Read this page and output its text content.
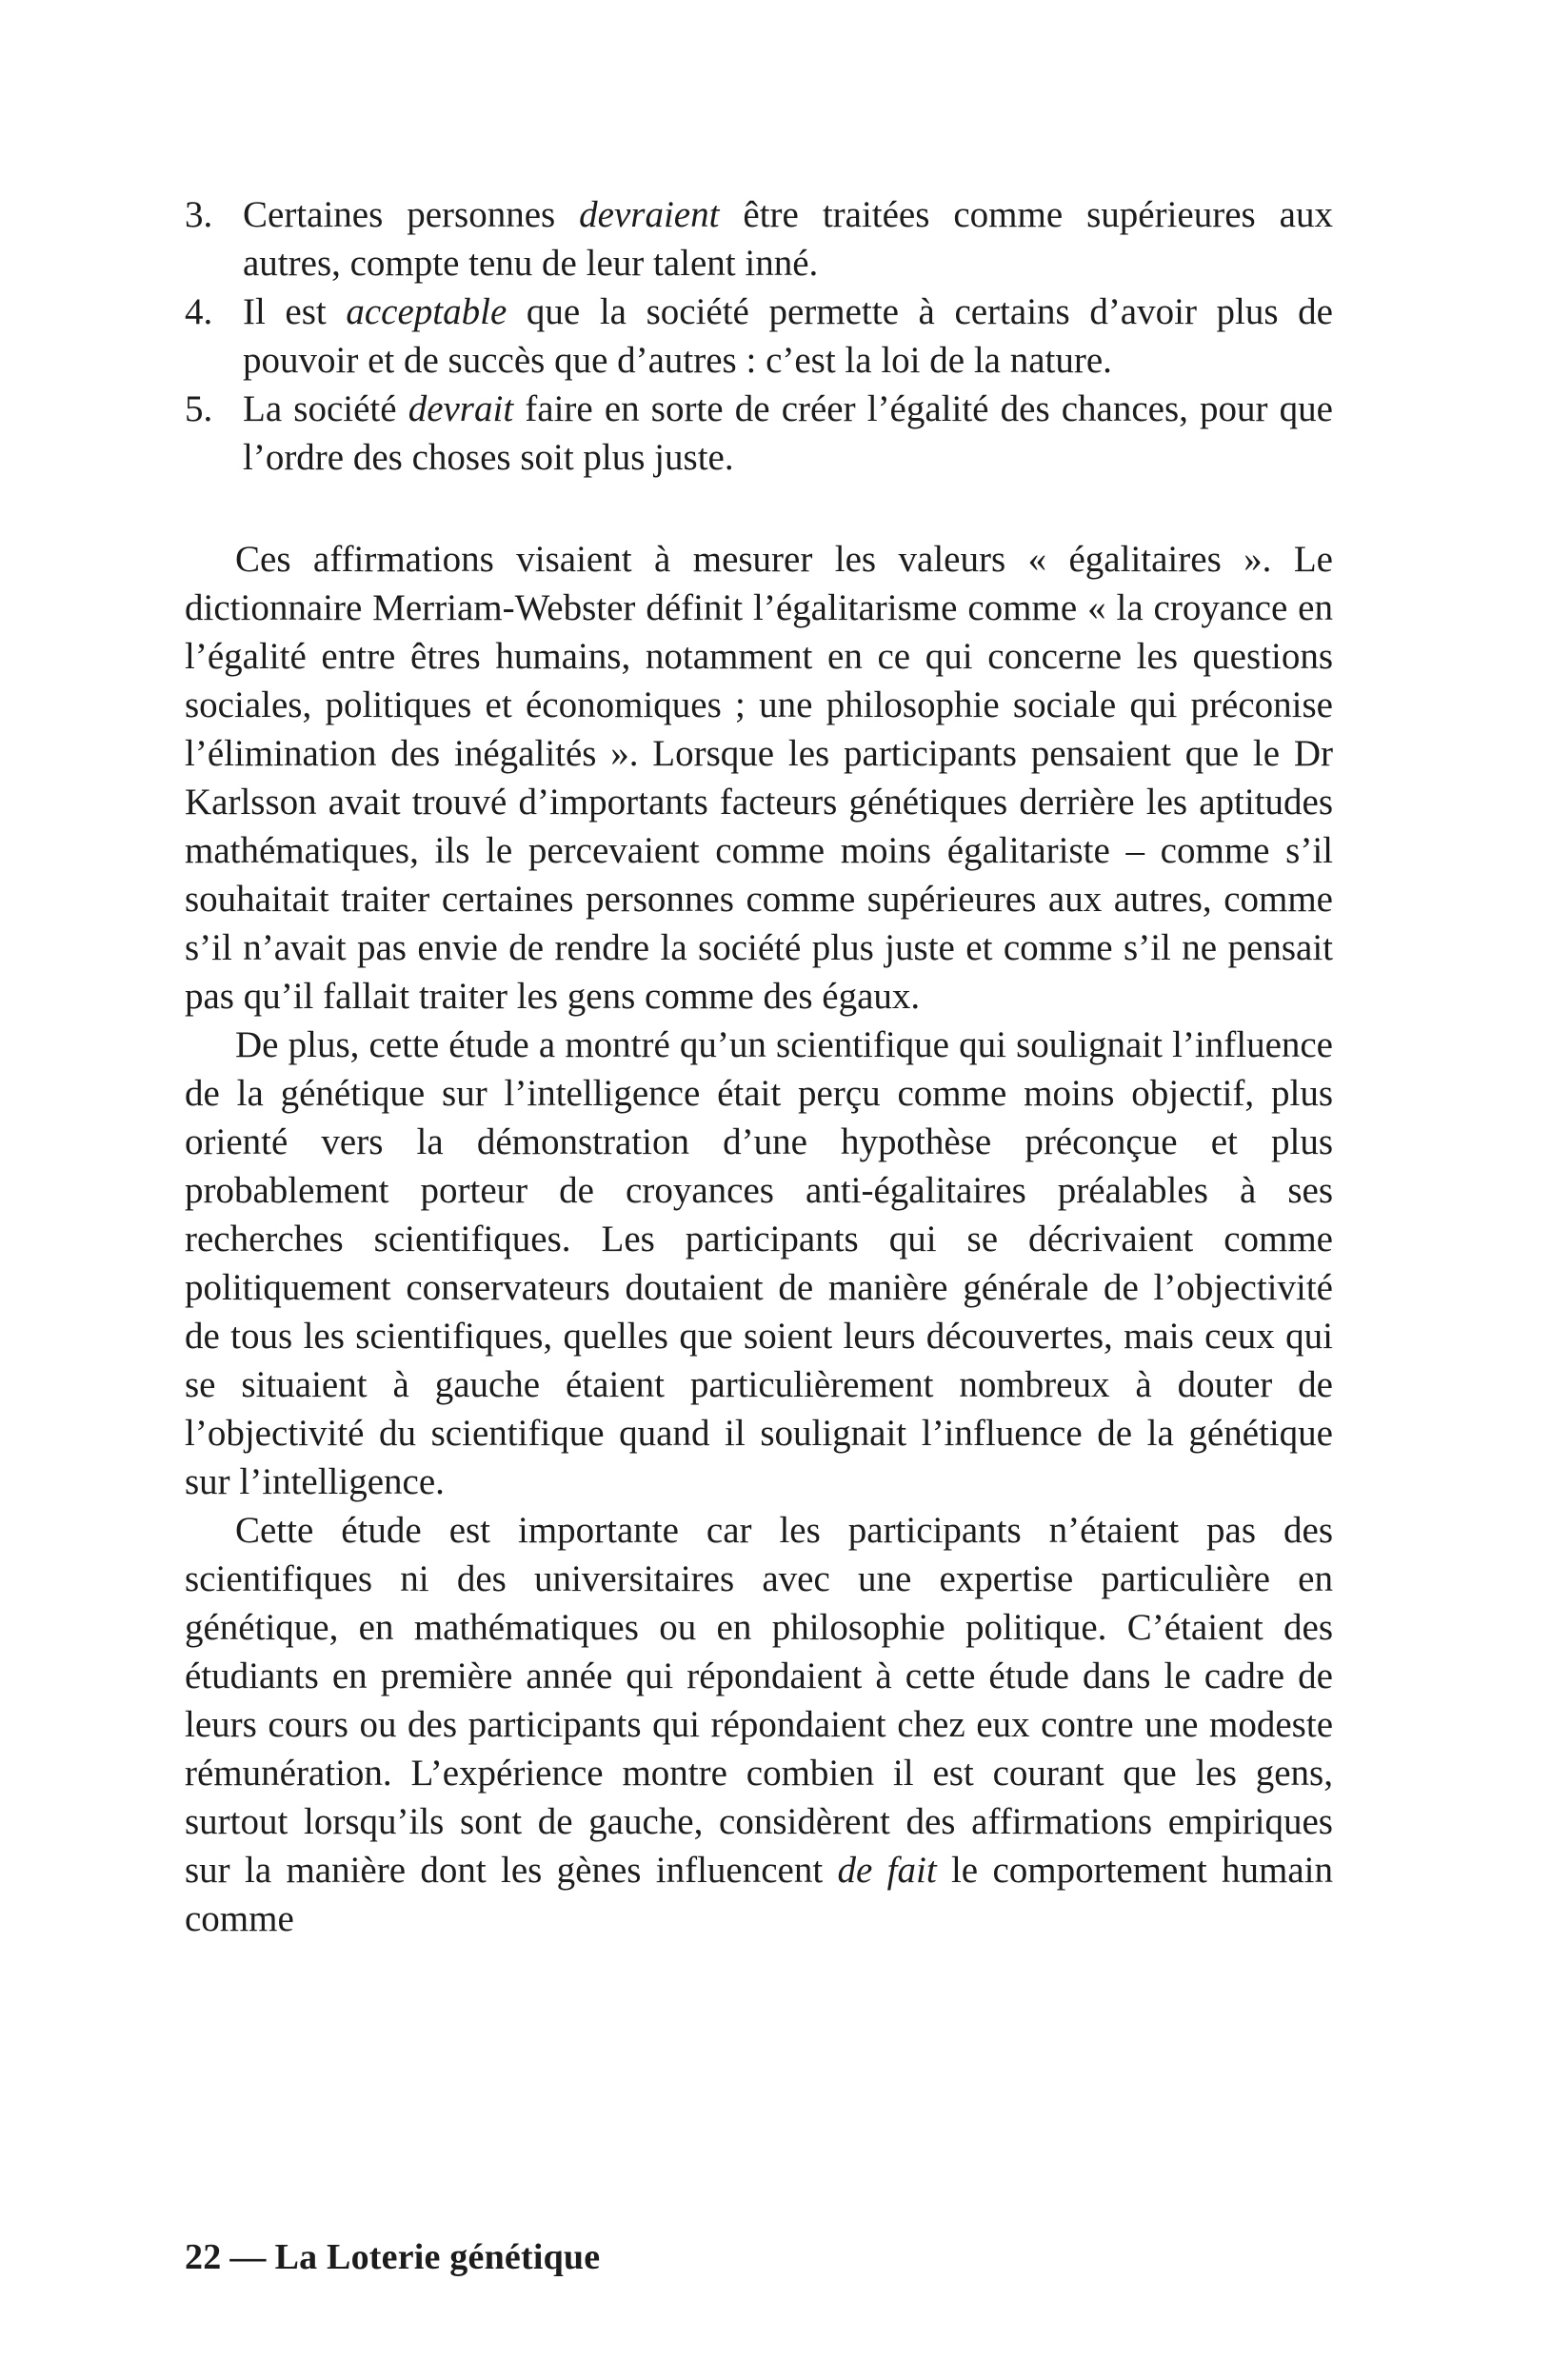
3. Certaines personnes devraient être traitées comme supérieures aux autres, compte tenu de leur talent inné.
4. Il est acceptable que la société permette à certains d’avoir plus de pouvoir et de succès que d’autres : c’est la loi de la nature.
5. La société devrait faire en sorte de créer l’égalité des chances, pour que l’ordre des choses soit plus juste.

Ces affirmations visaient à mesurer les valeurs « égalitaires ». Le dictionnaire Merriam-Webster définit l’égalitarisme comme « la croyance en l’égalité entre êtres humains, notamment en ce qui concerne les questions sociales, politiques et économiques ; une philosophie sociale qui préconise l’élimination des inégalités ». Lorsque les participants pensaient que le Dr Karlsson avait trouvé d’importants facteurs génétiques derrière les aptitudes mathématiques, ils le percevaient comme moins égalitariste – comme s’il souhaitait traiter certaines personnes comme supérieures aux autres, comme s’il n’avait pas envie de rendre la société plus juste et comme s’il ne pensait pas qu’il fallait traiter les gens comme des égaux.

De plus, cette étude a montré qu’un scientifique qui soulignait l’influence de la génétique sur l’intelligence était perçu comme moins objectif, plus orienté vers la démonstration d’une hypothèse préconçue et plus probablement porteur de croyances anti-égalitaires préalables à ses recherches scientifiques. Les participants qui se décrivaient comme politiquement conservateurs doutaient de manière générale de l’objectivité de tous les scientifiques, quelles que soient leurs découvertes, mais ceux qui se situaient à gauche étaient particulièrement nombreux à douter de l’objectivité du scientifique quand il soulignait l’influence de la génétique sur l’intelligence.

Cette étude est importante car les participants n’étaient pas des scientifiques ni des universitaires avec une expertise particulière en génétique, en mathématiques ou en philosophie politique. C’étaient des étudiants en première année qui répondaient à cette étude dans le cadre de leurs cours ou des participants qui répondaient chez eux contre une modeste rémunération. L’expérience montre combien il est courant que les gens, surtout lorsqu’ils sont de gauche, considèrent des affirmations empiriques sur la manière dont les gènes influencent de fait le comportement humain comme

22 — La Loterie génétique
